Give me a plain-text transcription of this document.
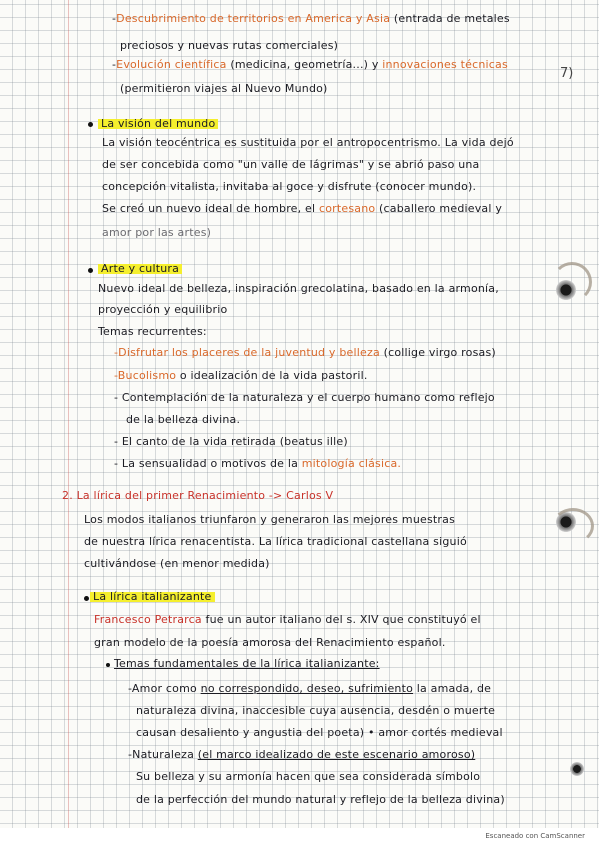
7)
-Descubrimiento de territorios en America y Asia (entrada de metales
preciosos y nuevas rutas comerciales)
-Evolución científica (medicina, geometría...) y innovaciones técnicas
(permitieron viajes al Nuevo Mundo)
La visión del mundo
La visión teocéntrica es sustituida por el antropocentrismo. La vida dejó
de ser concebida como "un valle de lágrimas" y se abrió paso una
concepción vitalista, invitaba al goce y disfrute (conocer mundo).
Se creó un nuevo ideal de hombre, el cortesano (caballero medieval y
amor por las artes)
Arte y cultura
Nuevo ideal de belleza, inspiración grecolatina, basado en la armonía,
proyección y equilibrio
Temas recurrentes:
-Disfrutar los placeres de la juventud y belleza (collige virgo rosas)
-Bucolismo o idealización de la vida pastoril.
- Contemplación de la naturaleza y el cuerpo humano como reflejo
de la belleza divina.
- El canto de la vida retirada (beatus ille)
- La sensualidad o motivos de la mitología clásica.
2. La lírica del primer Renacimiento -> Carlos V
Los modos italianos triunfaron y generaron las mejores muestras
de nuestra lírica renacentista. La lírica tradicional castellana siguió
cultivándose (en menor medida)
La lírica italianizante
Francesco Petrarca fue un autor italiano del s. XIV que constituyó el
gran modelo de la poesía amorosa del Renacimiento español.
Temas fundamentales de la lírica italianizante:
-Amor como no correspondido, deseo, sufrimiento la amada, de
naturaleza divina, inaccesible cuya ausencia, desdén o muerte
causan desaliento y angustia del poeta) • amor cortés medieval
-Naturaleza (el marco idealizado de este escenario amoroso)
Su belleza y su armonía hacen que sea considerada símbolo
de la perfección del mundo natural y reflejo de la belleza divina)
Escaneado con CamScanner
